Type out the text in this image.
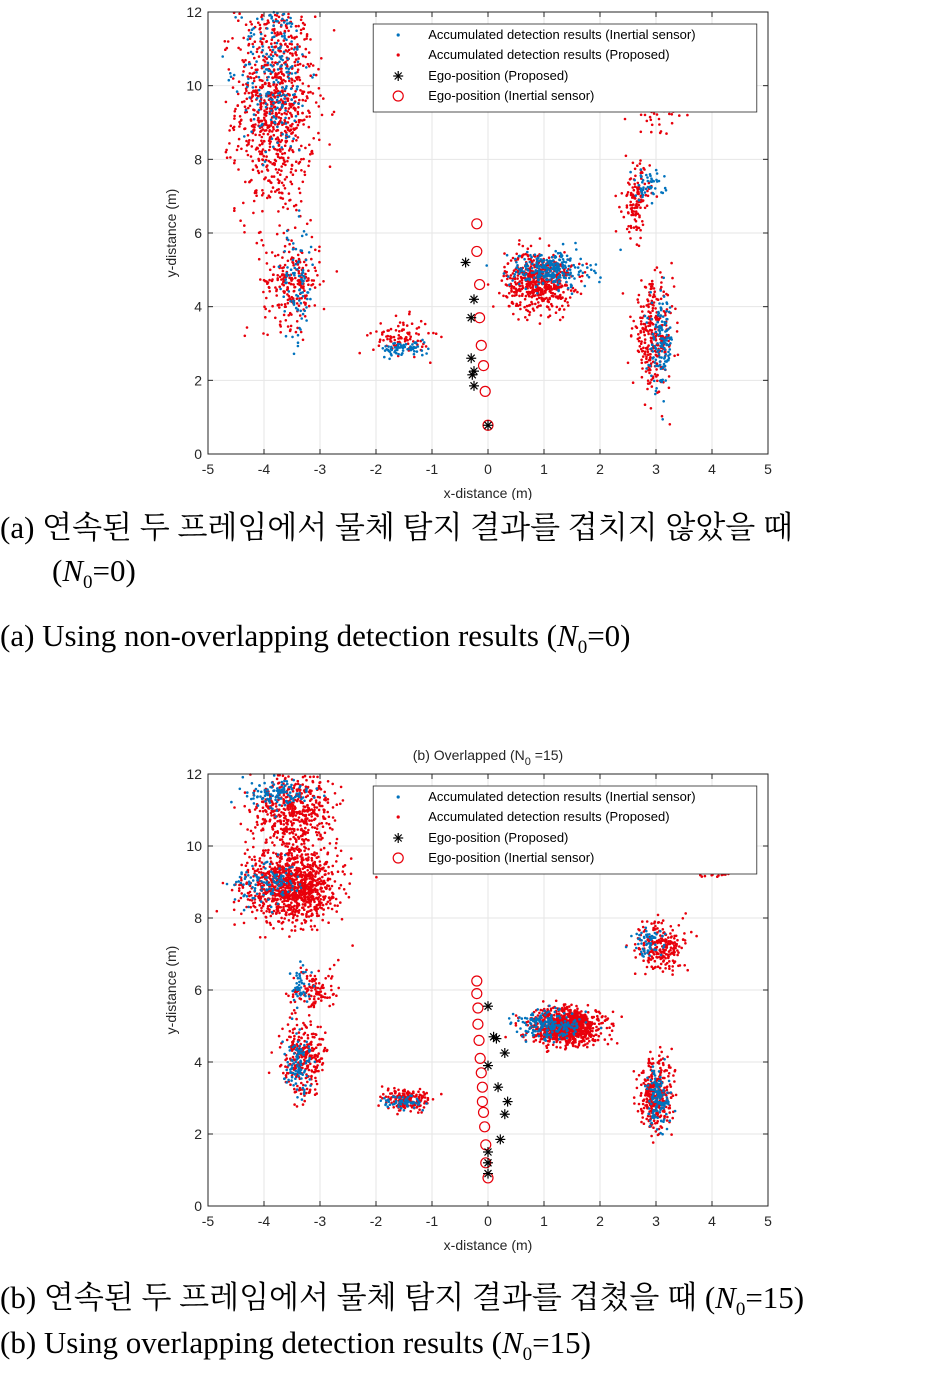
-5	-4	-3	-2	-1	0	1	2	3	4	5
0
2
4
6
8
10
12
x-distance (m)
y-distance (m)
Accumulated detection results (Inertial sensor)
Accumulated detection results (Proposed)
Ego-position (Proposed)
Ego-position (Inertial sensor)
(a) 연속된 두 프레임에서 물체 탐지 결과를 겹치지 않았을 때
$(N_0=0)$
(a) Using non-overlapping detection results $(N_0=0)$
-5	-4	-3	-2	-1	0	1	2	3	4	5
0
2
4
6
8
10
12
x-distance (m)
y-distance (m)
(b) Overlapped $(N_0 =15)$
Accumulated detection results (Inertial sensor)
Accumulated detection results (Proposed)
Ego-position (Proposed)
Ego-position (Inertial sensor)
(b) 연속된 두 프레임에서 물체 탐지 결과를 겹쳤을 때 $(N_0=15)$
(b) Using overlapping detection results $(N_0=15)$
